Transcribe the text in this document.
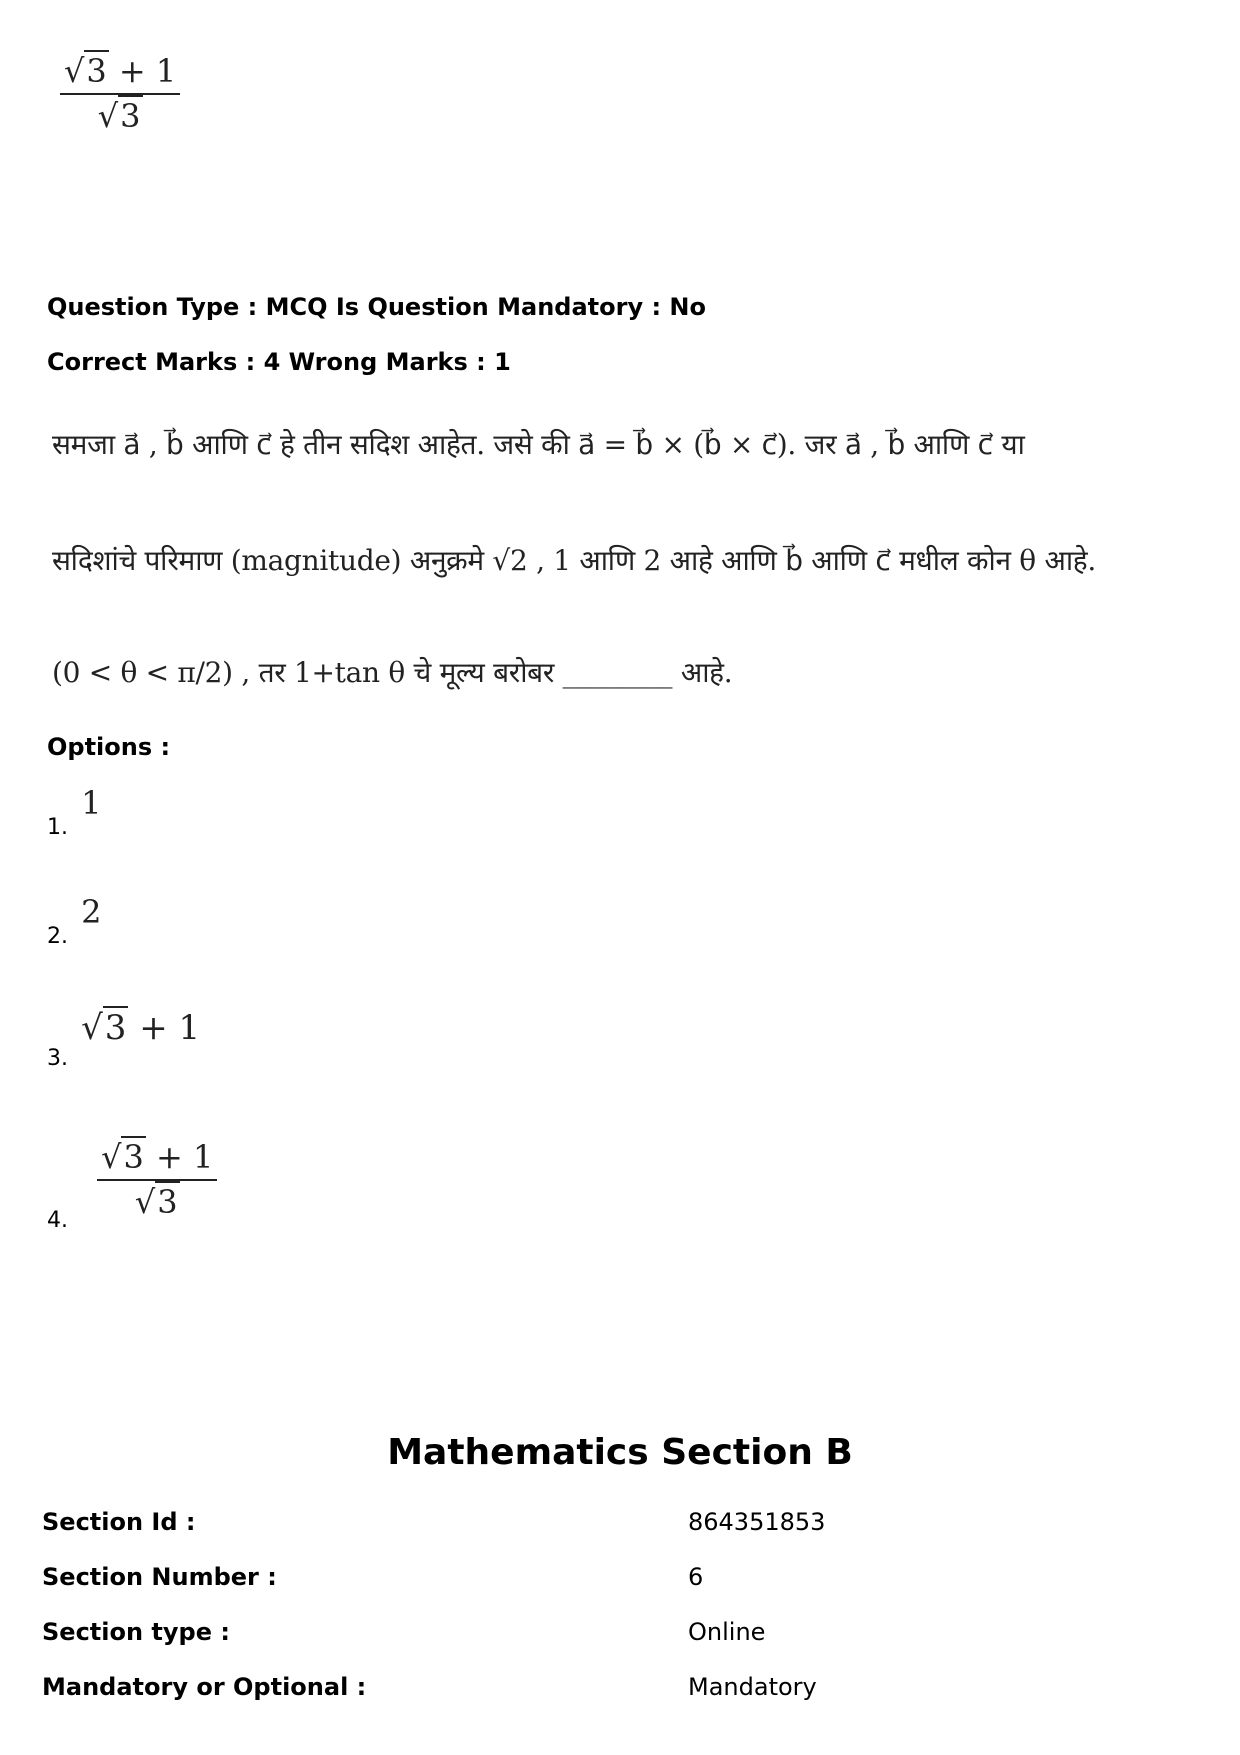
$\frac{√3 + 1}{√3}$
Question Type : MCQ Is Question Mandatory : No
Correct Marks : 4 Wrong Marks : 1
समजा a⃗ , b⃗ आणि c⃗ हे तीन सदिश आहेत. जसे की a⃗ = b⃗ × (b⃗ × c⃗). जर a⃗ , b⃗ आणि c⃗ या
सदिशांचे परिमाण (magnitude) अनुक्रमे √2 , 1 आणि 2 आहे आणि b⃗ आणि c⃗ मधील कोन θ आहे.
(0 < θ < π/2) , तर 1+tan θ चे मूल्य बरोबर ________ आहे.
Options :
1. 1
2. 2
3. √3 + 1
4. $\frac{√3 + 1}{√3}$
Mathematics Section B
Section Id :	864351853
Section Number :	6
Section type :	Online
Mandatory or Optional :	Mandatory
